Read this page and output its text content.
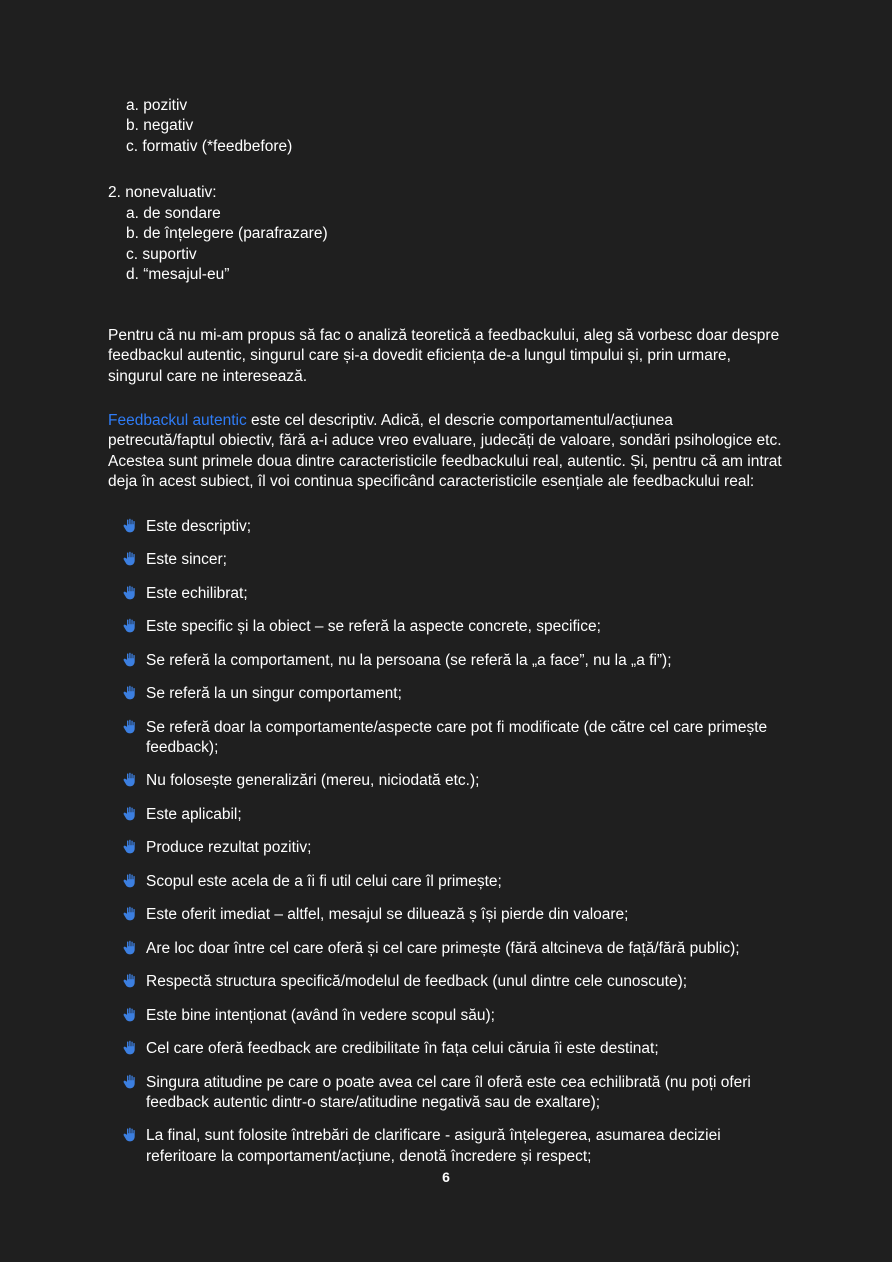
a. pozitiv
b. negativ
c. formativ (*feedbefore)

2. nonevaluativ:

a. de sondare
b. de înțelegere (parafrazare)
c. suportiv
d. “mesajul-eu”

Pentru că nu mi-am propus să fac o analiză teoretică a feedbackului, aleg să vorbesc doar despre feedbackul autentic, singurul care și-a dovedit eficiența de-a lungul timpului și, prin urmare, singurul care ne interesează.

Feedbackul autentic este cel descriptiv. Adică, el descrie comportamentul/acțiunea petrecută/faptul obiectiv, fără a-i aduce vreo evaluare, judecăți de valoare, sondări psihologice etc. Acestea sunt primele doua dintre caracteristicile feedbackului real, autentic. Și, pentru că am intrat deja în acest subiect, îl voi continua specificând caracteristicile esențiale ale feedbackului real:

Este descriptiv;
Este sincer;
Este echilibrat;
Este specific și la obiect – se referă la aspecte concrete, specifice;
Se referă la comportament, nu la persoana (se referă la „a face”, nu la „a fi”);
Se referă la un singur comportament;
Se referă doar la comportamente/aspecte care pot fi modificate (de către cel care primește feedback);
Nu folosește generalizări (mereu, niciodată etc.);
Este aplicabil;
Produce rezultat pozitiv;
Scopul este acela de a îi fi util celui care îl primește;
Este oferit imediat – altfel, mesajul se diluează ș își pierde din valoare;
Are loc doar între cel care oferă și cel care primește (fără altcineva de față/fără public);
Respectă structura specifică/modelul de feedback (unul dintre cele cunoscute);
Este bine intenționat (având în vedere scopul său);
Cel care oferă feedback are credibilitate în fața celui căruia îi este destinat;
Singura atitudine pe care o poate avea cel care îl oferă este cea echilibrată (nu poți oferi feedback autentic dintr-o stare/atitudine negativă sau de exaltare);
La final, sunt folosite întrebări de clarificare - asigură înțelegerea, asumarea deciziei referitoare la comportament/acțiune, denotă încredere și respect;
6
